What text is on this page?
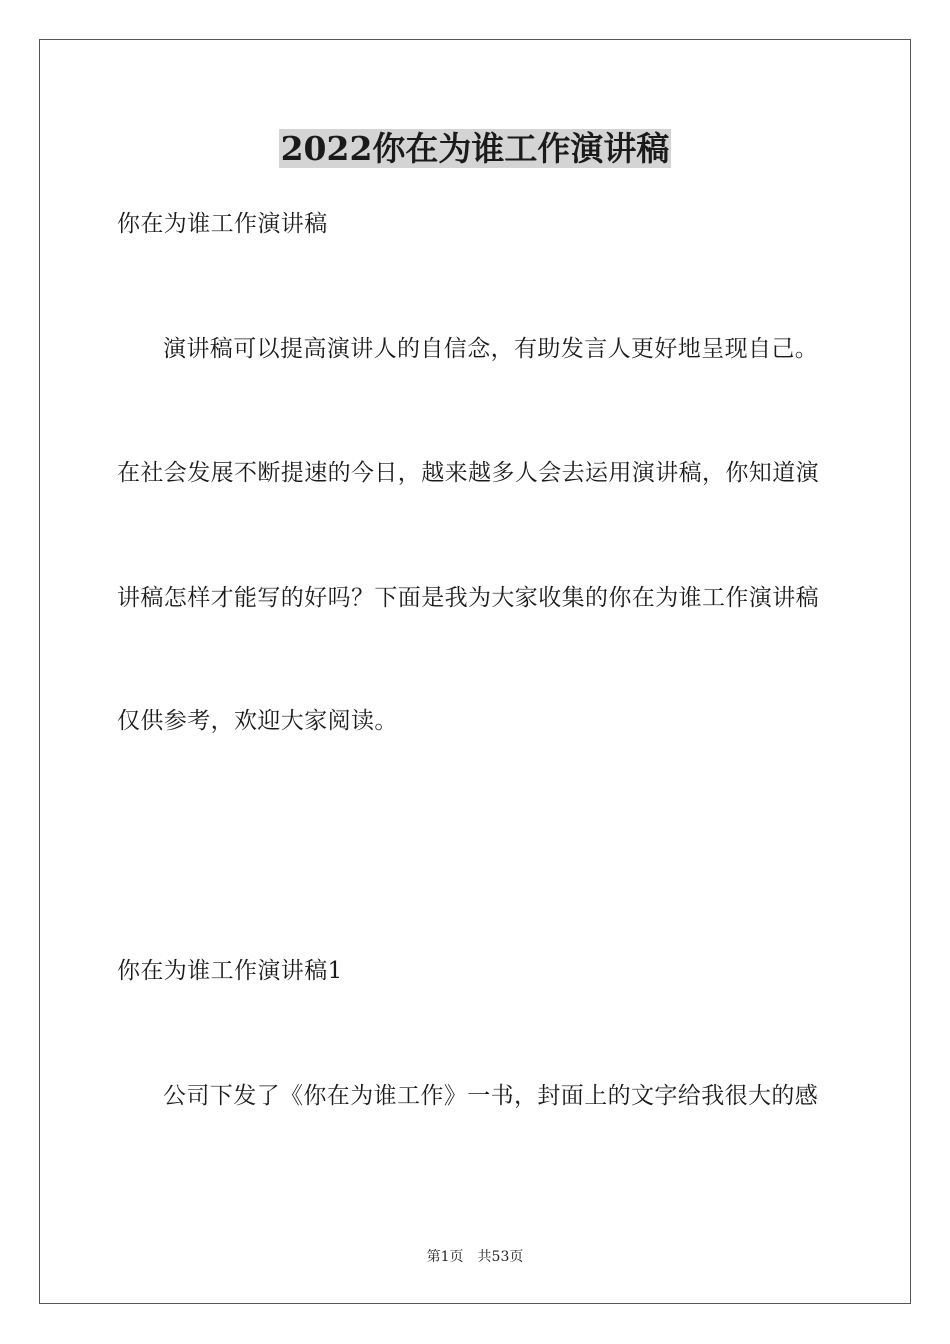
2022你在为谁工作演讲稿
你在为谁工作演讲稿
演讲稿可以提高演讲人的自信念，有助发言人更好地呈现自己。
在社会发展不断提速的今日，越来越多人会去运用演讲稿，你知道演
讲稿怎样才能写的好吗？下面是我为大家收集的你在为谁工作演讲稿
仅供参考，欢迎大家阅读。
你在为谁工作演讲稿1
公司下发了《你在为谁工作》一书，封面上的文字给我很大的感
第1页 共53页
